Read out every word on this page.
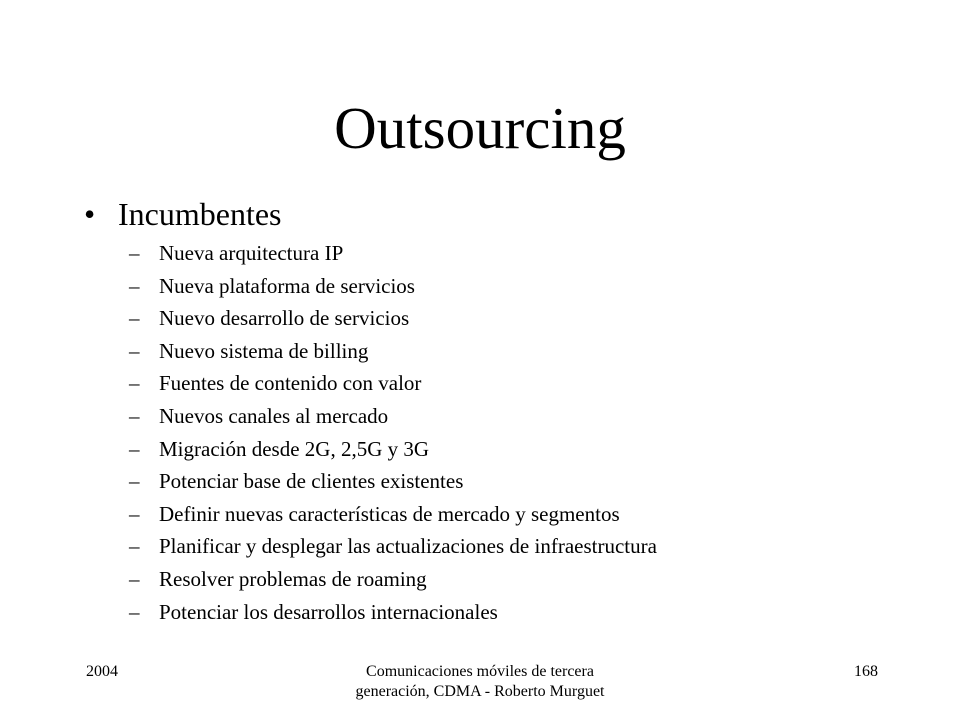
Outsourcing
• Incumbentes
– Nueva arquitectura IP
– Nueva plataforma de servicios
– Nuevo desarrollo de servicios
– Nuevo sistema de billing
– Fuentes de contenido con valor
– Nuevos canales al mercado
– Migración desde 2G, 2,5G y 3G
– Potenciar base de clientes existentes
– Definir nuevas características de mercado y segmentos
– Planificar y desplegar las actualizaciones de infraestructura
– Resolver problemas de roaming
– Potenciar los desarrollos internacionales
2004	Comunicaciones móviles de tercera generación, CDMA - Roberto Murguet
168
